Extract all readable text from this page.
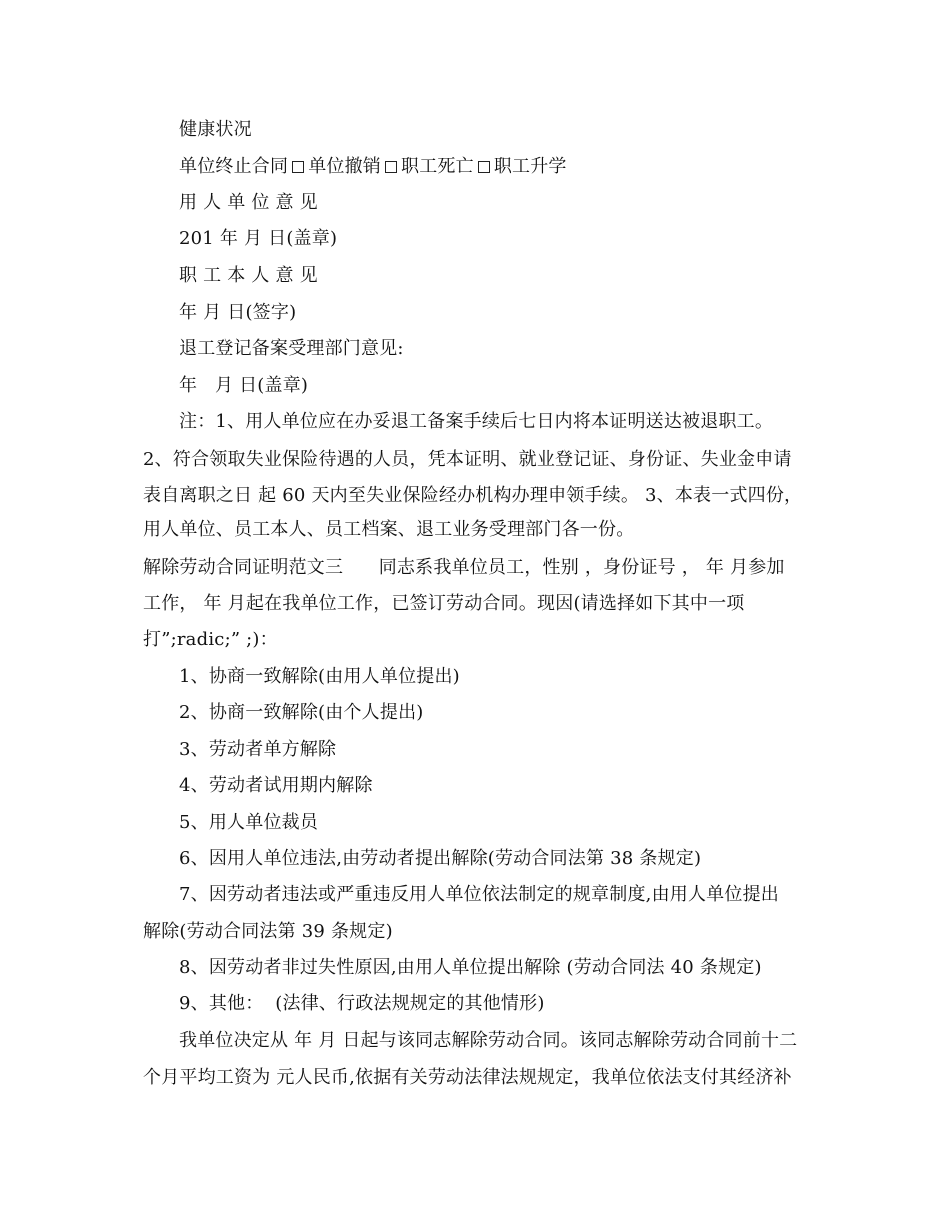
健康状况
单位终止合同 单位撤销 职工死亡 职工升学
用 人 单 位 意 见
201 年 月 日(盖章)
职 工 本 人 意 见
年 月 日(签字)
退工登记备案受理部门意见:
年   月 日(盖章)
注：1、用人单位应在办妥退工备案手续后七日内将本证明送达被退职工。
2、符合领取失业保险待遇的人员，凭本证明、就业登记证、身份证、失业金申请
表自离职之日 起 60 天内至失业保险经办机构办理申领手续。 3、本表一式四份，
用人单位、员工本人、员工档案、退工业务受理部门各一份。
解除劳动合同证明范文三      同志系我单位员工，性别 ，身份证号 ， 年 月参加
工作， 年 月起在我单位工作，已签订劳动合同。现因(请选择如下其中一项
打”;radic;” ;)：
1、协商一致解除(由用人单位提出)
2、协商一致解除(由个人提出)
3、劳动者单方解除
4、劳动者试用期内解除
5、用人单位裁员
6、因用人单位违法,由劳动者提出解除(劳动合同法第 38 条规定)
7、因劳动者违法或严重违反用人单位依法制定的规章制度,由用人单位提出
解除(劳动合同法第 39 条规定)
8、因劳动者非过失性原因,由用人单位提出解除 (劳动合同法 40 条规定)
9、其他：  (法律、行政法规规定的其他情形)
我单位决定从 年 月 日起与该同志解除劳动合同。该同志解除劳动合同前十二
个月平均工资为 元人民币,依据有关劳动法律法规规定，我单位依法支付其经济补
